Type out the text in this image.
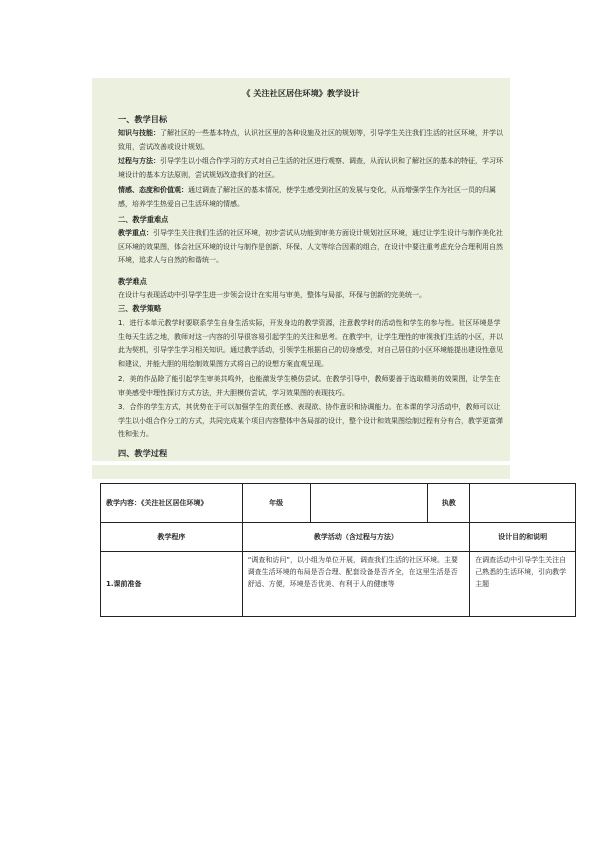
《 关注社区居住环境》教学设计
一、教学目标
知识与技能：了解社区的一些基本特点，认识社区里的各种设施及社区的规划等，引导学生关注我们生活的社区环境，并学以致用，尝试改善或设计规划。
过程与方法：引导学生以小组合作学习的方式对自己生活的社区进行观察、调查，从而认识和了解社区的基本的特征，学习环境设计的基本方法原则，尝试规划改造我们的社区。
情感、态度和价值观：通过调查了解社区的基本情况，使学生感受到社区的发展与变化，从而增强学生作为社区一员的归属感，培养学生热爱自己生活环境的情感。
二、教学重难点
教学重点：引导学生关注我们生活的社区环境，初步尝试从功能到审美方面设计规划社区环境，通过让学生设计与制作美化社区环境的效果图，体会社区环境的设计与制作是创新、环保、人文等综合因素的组合，在设计中要注重考虑充分合理利用自然环境，追求人与自然的和谐统一。
教学难点
在设计与表现活动中引导学生进一步领会设计在实用与审美，整体与局部，环保与创新的完美统一。
三、教学策略
1．进行本单元教学时要联系学生自身生活实际，开发身边的教学资源，注意教学时的活动性和学生的参与性。社区环境是学生每天生活之地，教师对这一内容的引导很容易引起学生的关注和思考。在教学中，让学生理性的审视我们生活的小区，并以此为契机，引导学生学习相关知识。通过教学活动，引领学生根据自己的切身感受，对自己居住的小区环境能提出建设性意见和建议，并能大胆的用绘制效果图方式将自己的设想方案直观呈现。
2．美的作品除了能引起学生审美共鸣外，也能激发学生模仿尝试。在教学引导中，教师要善于选取精美的效果图，让学生在审美感受中理性探讨方式方法，并大胆模仿尝试，学习效果图的表现技巧。
3．合作的学生方式，其优势在于可以加强学生的责任感、表现欲、协作意识和协调能力。在本课的学习活动中，教师可以让学生以小组合作分工的方式，共同完成某个项目内容整体中各局部的设计，整个设计和效果图绘制过程有分有合，教学更富弹性和张力。
四、教学过程
教学内容：《关注社区居住环境》	年级		执教	
教学程序	教学活动（含过程与方法）			设计目的和说明
1.课前准备	“调查和访问”，以小组为单位开展，调查我们生活的社区环境。主要调查生活环境的布局是否合理、配套设备是否齐全，在这里生活是否舒适、方便，环境是否优美、有利于人的健康等			在调查活动中引导学生关注自己熟悉的生活环境，引向教学主题
